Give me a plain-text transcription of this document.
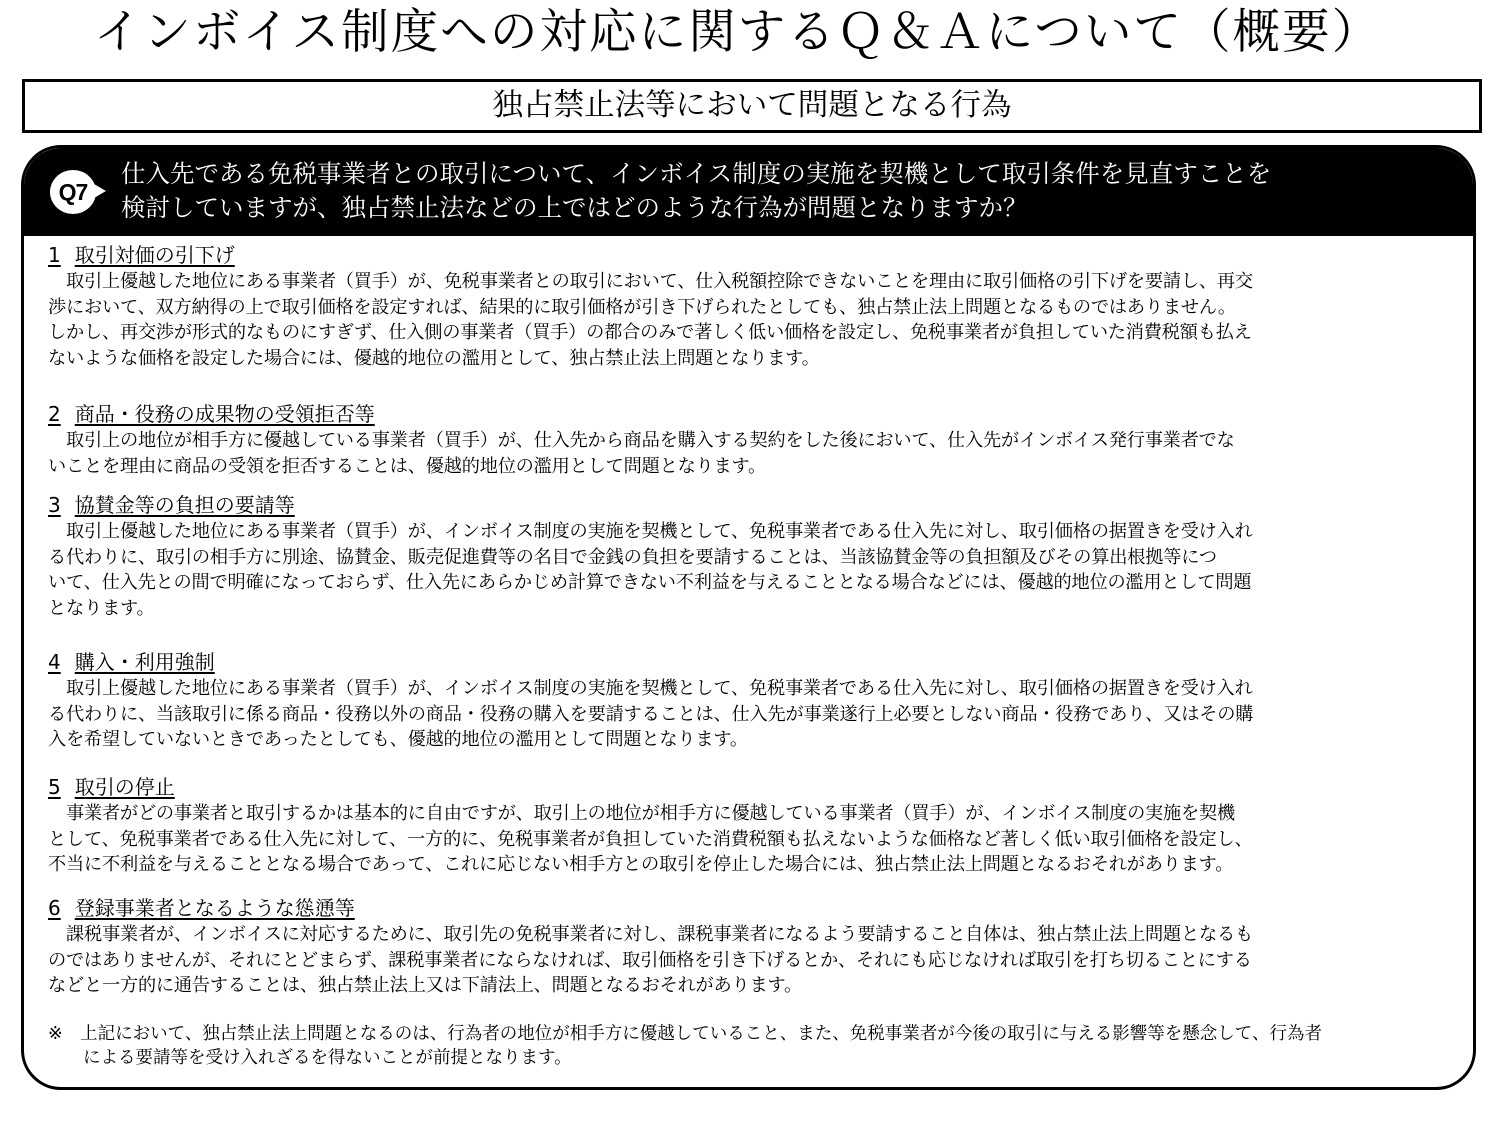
インボイス制度への対応に関するＱ＆Ａについて（概要）
独占禁止法等において問題となる行為
Q7
仕入先である免税事業者との取引について、インボイス制度の実施を契機として取引条件を見直すことを
検討していますが、独占禁止法などの上ではどのような行為が問題となりますか？
1 取引対価の引下げ
　取引上優越した地位にある事業者（買手）が、免税事業者との取引において、仕入税額控除できないことを理由に取引価格の引下げを要請し、再交
渉において、双方納得の上で取引価格を設定すれば、結果的に取引価格が引き下げられたとしても、独占禁止法上問題となるものではありません。
しかし、再交渉が形式的なものにすぎず、仕入側の事業者（買手）の都合のみで著しく低い価格を設定し、免税事業者が負担していた消費税額も払え
ないような価格を設定した場合には、優越的地位の濫用として、独占禁止法上問題となります。
2 商品・役務の成果物の受領拒否等
　取引上の地位が相手方に優越している事業者（買手）が、仕入先から商品を購入する契約をした後において、仕入先がインボイス発行事業者でな
いことを理由に商品の受領を拒否することは、優越的地位の濫用として問題となります。
3 協賛金等の負担の要請等
　取引上優越した地位にある事業者（買手）が、インボイス制度の実施を契機として、免税事業者である仕入先に対し、取引価格の据置きを受け入れ
る代わりに、取引の相手方に別途、協賛金、販売促進費等の名目で金銭の負担を要請することは、当該協賛金等の負担額及びその算出根拠等につ
いて、仕入先との間で明確になっておらず、仕入先にあらかじめ計算できない不利益を与えることとなる場合などには、優越的地位の濫用として問題
となります。
4 購入・利用強制
　取引上優越した地位にある事業者（買手）が、インボイス制度の実施を契機として、免税事業者である仕入先に対し、取引価格の据置きを受け入れ
る代わりに、当該取引に係る商品・役務以外の商品・役務の購入を要請することは、仕入先が事業遂行上必要としない商品・役務であり、又はその購
入を希望していないときであったとしても、優越的地位の濫用として問題となります。
5 取引の停止
　事業者がどの事業者と取引するかは基本的に自由ですが、取引上の地位が相手方に優越している事業者（買手）が、インボイス制度の実施を契機
として、免税事業者である仕入先に対して、一方的に、免税事業者が負担していた消費税額も払えないような価格など著しく低い取引価格を設定し、
不当に不利益を与えることとなる場合であって、これに応じない相手方との取引を停止した場合には、独占禁止法上問題となるおそれがあります。
6 登録事業者となるような慫慂等
　課税事業者が、インボイスに対応するために、取引先の免税事業者に対し、課税事業者になるよう要請すること自体は、独占禁止法上問題となるも
のではありませんが、それにとどまらず、課税事業者にならなければ、取引価格を引き下げるとか、それにも応じなければ取引を打ち切ることにする
などと一方的に通告することは、独占禁止法上又は下請法上、問題となるおそれがあります。
※　上記において、独占禁止法上問題となるのは、行為者の地位が相手方に優越していること、また、免税事業者が今後の取引に与える影響等を懸念して、行為者
　　による要請等を受け入れざるを得ないことが前提となります。
